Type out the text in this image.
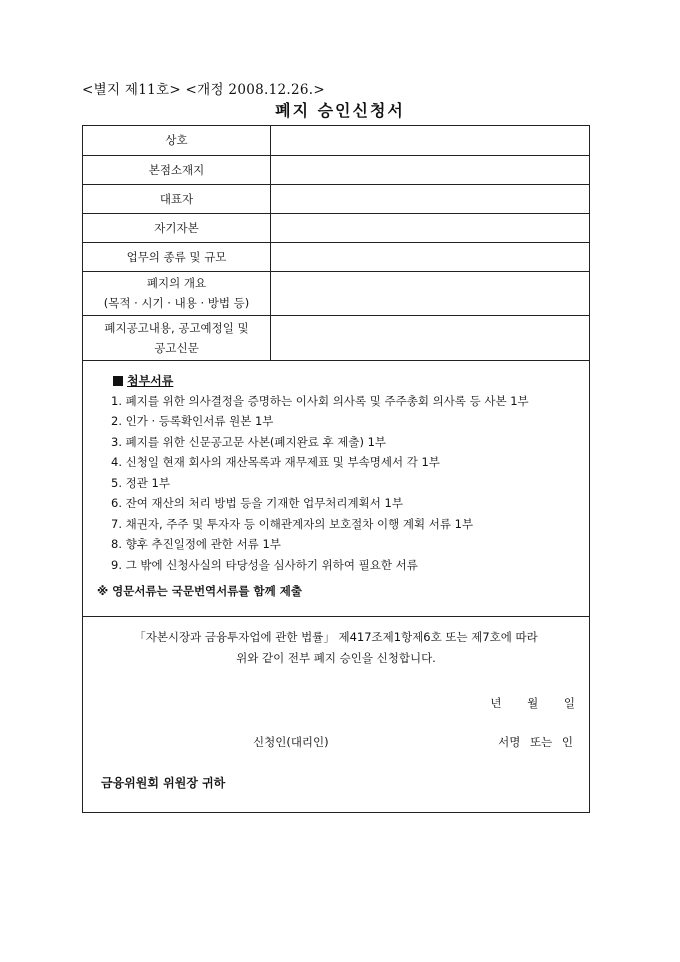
<별지 제11호> <개정 2008.12.26.>
폐지 승인신청서
상호	
본점소재지	
대표자	
자기자본	
업무의 종류 및 규모	

폐지의 개요
(목적 · 시기 · 내용 · 방법 등)	

폐지공고내용, 공고예정일 및
공고신문	

첨부서류
1. 폐지를 위한 의사결정을 증명하는 이사회 의사록 및 주주총회 의사록 등 사본 1부
2. 인가 · 등록확인서류 원본 1부
3. 폐지를 위한 신문공고문 사본(폐지완료 후 제출) 1부
4. 신청일 현재 회사의 재산목록과 재무제표 및 부속명세서 각 1부
5. 정관 1부
6. 잔여 재산의 처리 방법 등을 기재한 업무처리계획서 1부
7. 채권자, 주주 및 투자자 등 이해관계자의 보호절차 이행 계획 서류 1부
8. 향후 추진일정에 관한 서류 1부
9. 그 밖에 신청사실의 타당성을 심사하기 위하여 필요한 서류
※ 영문서류는 국문번역서류를 함께 제출
「자본시장과 금융투자업에 관한 법률」 제417조제1항제6호 또는 제7호에 따라
위와 같이 전부 폐지 승인을 신청합니다.
년 월 일
신청인(대리인)	서명 또는 인
금융위원회 위원장 귀하
